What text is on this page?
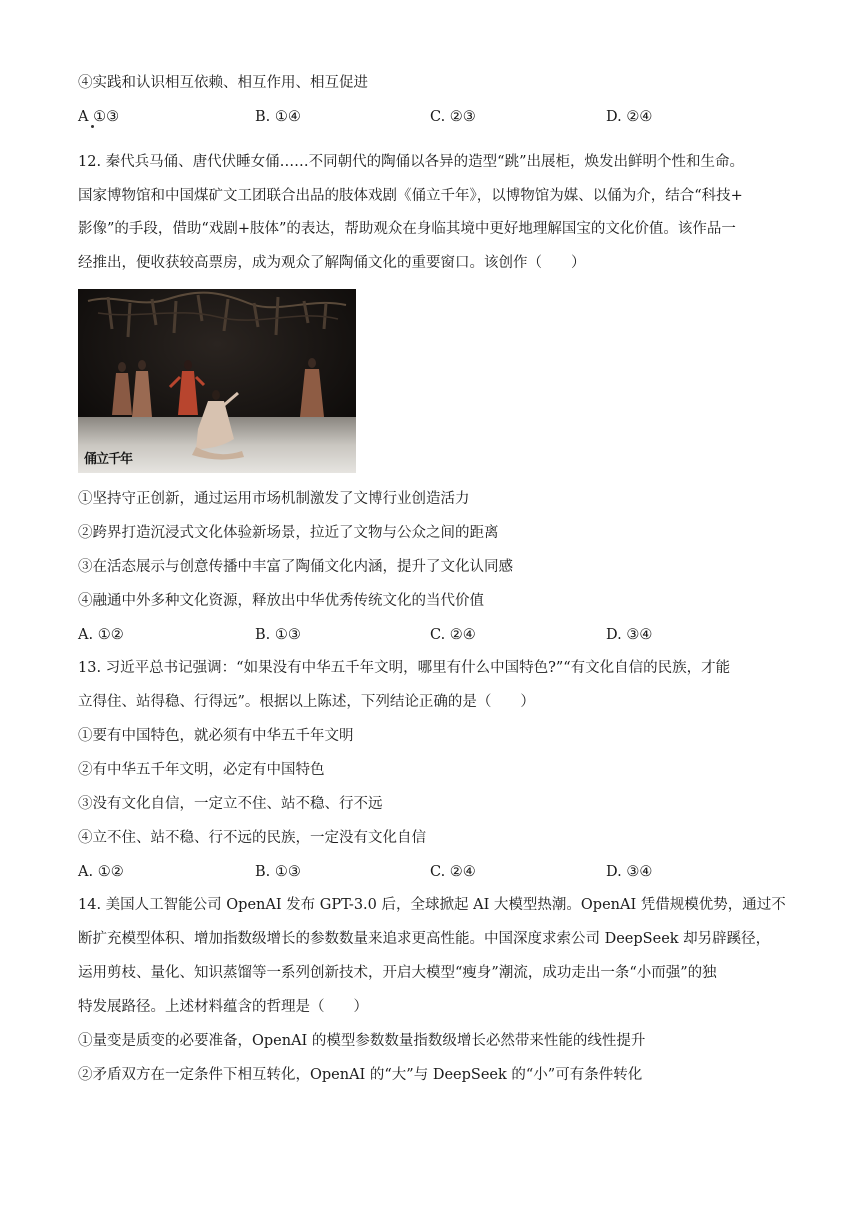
④实践和认识相互依赖、相互作用、相互促进
A ①③	B. ①④	C. ②③	D. ②④
12. 秦代兵马俑、唐代伏睡女俑……不同朝代的陶俑以各异的造型“跳”出展柜，焕发出鲜明个性和生命。
国家博物馆和中国煤矿文工团联合出品的肢体戏剧《俑立千年》，以博物馆为媒、以俑为介，结合“科技+
影像”的手段，借助“戏剧+肢体”的表达，帮助观众在身临其境中更好地理解国宝的文化价值。该作品一
经推出，便收获较高票房，成为观众了解陶俑文化的重要窗口。该创作（　　）
俑立千年
①坚持守正创新，通过运用市场机制激发了文博行业创造活力
②跨界打造沉浸式文化体验新场景，拉近了文物与公众之间的距离
③在活态展示与创意传播中丰富了陶俑文化内涵，提升了文化认同感
④融通中外多种文化资源，释放出中华优秀传统文化的当代价值
A. ①②	B. ①③	C. ②④	D. ③④
13. 习近平总书记强调：“如果没有中华五千年文明，哪里有什么中国特色?”“有文化自信的民族，才能
立得住、站得稳、行得远”。根据以上陈述，下列结论正确的是（　　）
①要有中国特色，就必须有中华五千年文明
②有中华五千年文明，必定有中国特色
③没有文化自信，一定立不住、站不稳、行不远
④立不住、站不稳、行不远的民族，一定没有文化自信
A. ①②	B. ①③	C. ②④	D. ③④
14. 美国人工智能公司 OpenAI 发布 GPT-3.0 后，全球掀起 AI 大模型热潮。OpenAI 凭借规模优势，通过不
断扩充模型体积、增加指数级增长的参数数量来追求更高性能。中国深度求索公司 DeepSeek 却另辟蹊径，
运用剪枝、量化、知识蒸馏等一系列创新技术，开启大模型“瘦身”潮流，成功走出一条“小而强”的独
特发展路径。上述材料蕴含的哲理是（　　）
①量变是质变的必要准备，OpenAI 的模型参数数量指数级增长必然带来性能的线性提升
②矛盾双方在一定条件下相互转化，OpenAI 的“大”与 DeepSeek 的“小”可有条件转化
